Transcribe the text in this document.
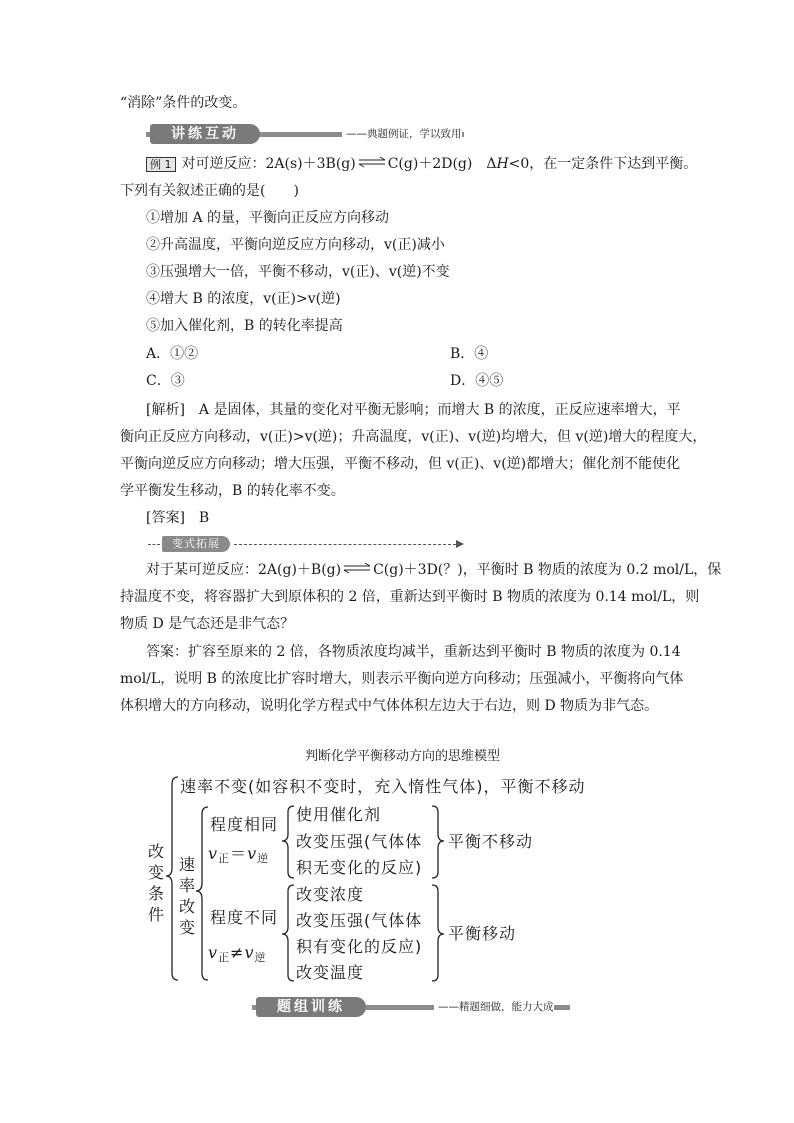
“消除”条件的改变。
讲练互动	——典题例证，学以致用
例 1 对可逆反应：2A(s)＋3B(g) ⇌ C(g)＋2D(g)　ΔH<0，在一定条件下达到平衡。
下列有关叙述正确的是(　　)
①增加 A 的量，平衡向正反应方向移动
②升高温度，平衡向逆反应方向移动，v(正)减小
③压强增大一倍，平衡不移动，v(正)、v(逆)不变
④增大 B 的浓度，v(正)>v(逆)
⑤加入催化剂，B 的转化率提高
A．①②	B．④
C．③	D．④⑤
[解析]　A 是固体，其量的变化对平衡无影响；而增大 B 的浓度，正反应速率增大，平
衡向正反应方向移动，v(正)>v(逆)；升高温度，v(正)、v(逆)均增大，但 v(逆)增大的程度大，
平衡向逆反应方向移动；增大压强，平衡不移动，但 v(正)、v(逆)都增大；催化剂不能使化
学平衡发生移动，B 的转化率不变。
[答案]　B
变式拓展
对于某可逆反应：2A(g)＋B(g) ⇌ C(g)＋3D(？)，平衡时 B 物质的浓度为 0.2 mol/L，保
持温度不变，将容器扩大到原体积的 2 倍，重新达到平衡时 B 物质的浓度为 0.14 mol/L，则
物质 D 是气态还是非气态？
答案：扩容至原来的 2 倍，各物质浓度均减半，重新达到平衡时 B 物质的浓度为 0.14
mol/L，说明 B 的浓度比扩容时增大，则表示平衡向逆方向移动；压强减小，平衡将向气体
体积增大的方向移动，说明化学方程式中气体体积左边大于右边，则 D 物质为非气态。
判断化学平衡移动方向的思维模型
改变条件
速率不变(如容积不变时，充入惰性气体)，平衡不移动
速率改变
程度相同
v正＝v逆
使用催化剂
改变压强(气体体
积无变化的反应)
平衡不移动
程度不同
v正≠v逆
改变浓度
改变压强(气体体
积有变化的反应)
改变温度
平衡移动
题组训练	——精题细做，能力大成
